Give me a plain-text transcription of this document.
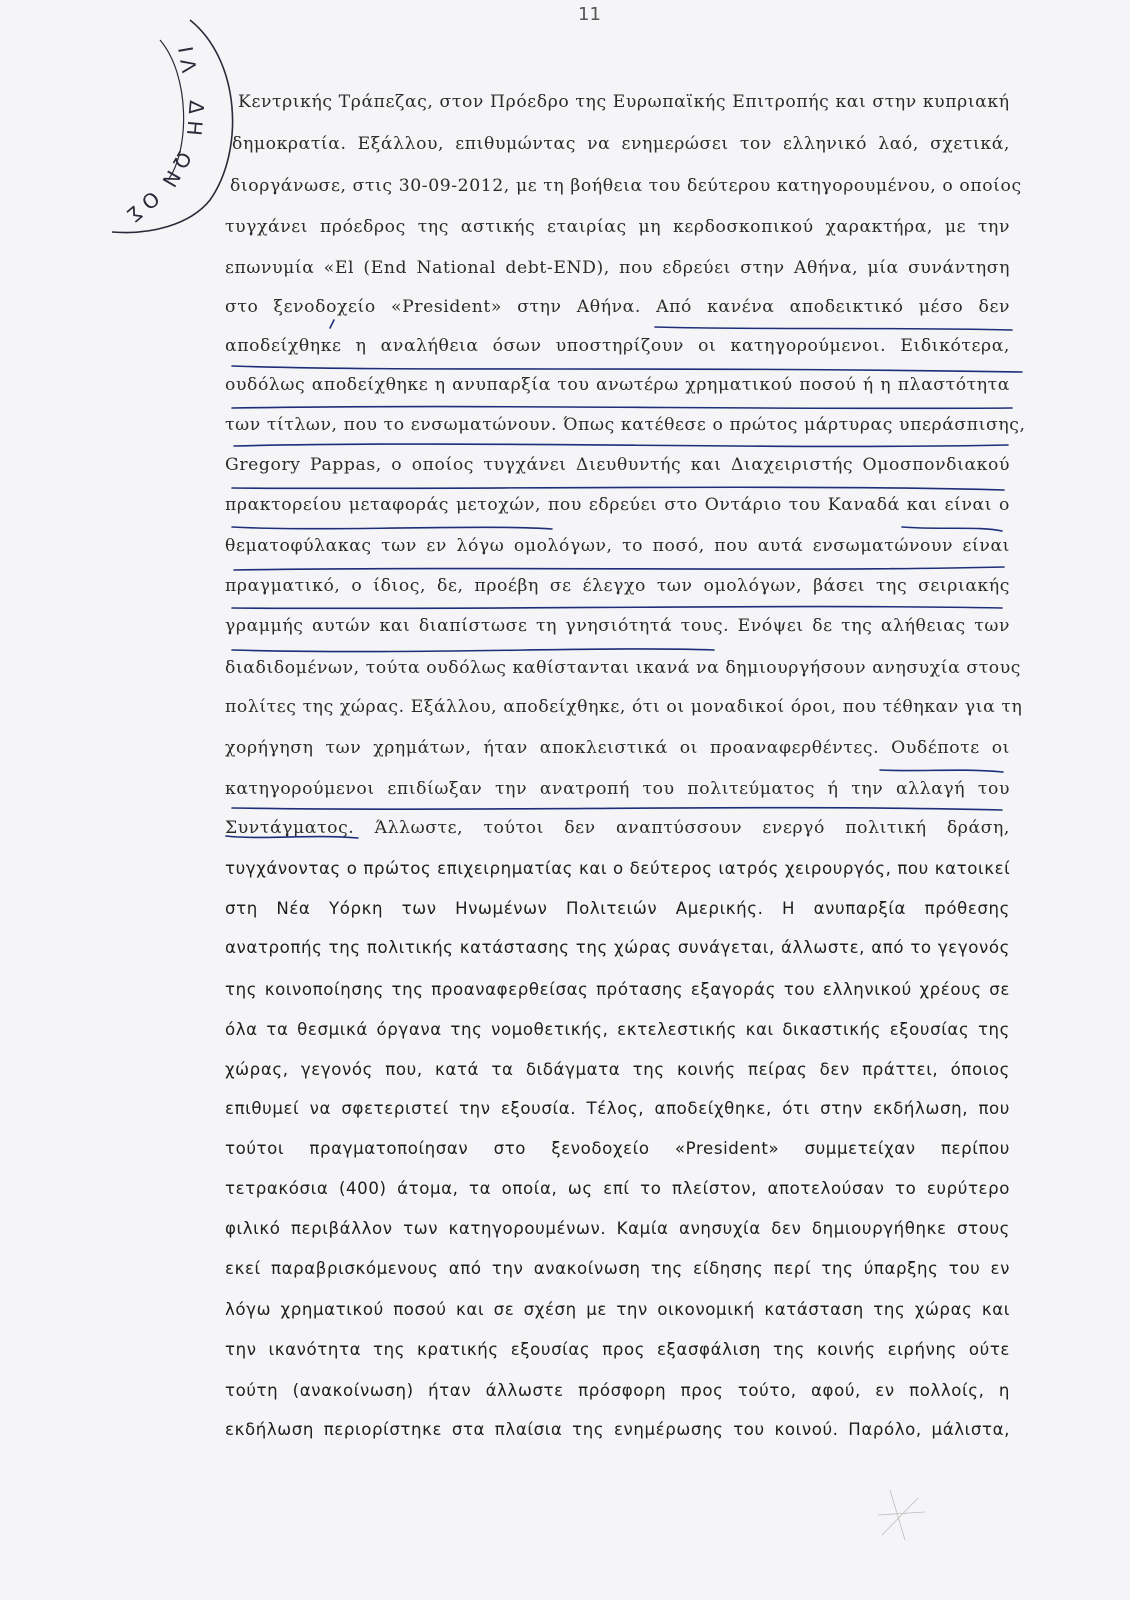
11
Ι Λ
Δ Η
Ω Ν
Ο Σ
Κεντρικής Τράπεζας, στον Πρόεδρο της Ευρωπαϊκής Επιτροπής και στην κυπριακή
δημοκρατία. Εξάλλου, επιθυμώντας να ενημερώσει τον ελληνικό λαό, σχετικά,
διοργάνωσε, στις 30-09-2012, με τη βοήθεια του δεύτερου κατηγορουμένου, ο οποίος
τυγχάνει πρόεδρος της αστικής εταιρίας μη κερδοσκοπικού χαρακτήρα, με την
επωνυμία «El (End National debt-END), που εδρεύει στην Αθήνα, μία συνάντηση
στο ξενοδοχείο «President» στην Αθήνα. Από κανένα αποδεικτικό μέσο δεν
αποδείχθηκε η αναλήθεια όσων υποστηρίζουν οι κατηγορούμενοι. Ειδικότερα,
ουδόλως αποδείχθηκε η ανυπαρξία του ανωτέρω χρηματικού ποσού ή η πλαστότητα
των τίτλων, που το ενσωματώνουν. Όπως κατέθεσε ο πρώτος μάρτυρας υπεράσπισης,
Gregory Pappas, ο οποίος τυγχάνει Διευθυντής και Διαχειριστής Ομοσπονδιακού
πρακτορείου μεταφοράς μετοχών, που εδρεύει στο Οντάριο του Καναδά και είναι ο
θεματοφύλακας των εν λόγω ομολόγων, το ποσό, που αυτά ενσωματώνουν είναι
πραγματικό, ο ίδιος, δε, προέβη σε έλεγχο των ομολόγων, βάσει της σειριακής
γραμμής αυτών και διαπίστωσε τη γνησιότητά τους. Ενόψει δε της αλήθειας των
διαδιδομένων, τούτα ουδόλως καθίστανται ικανά να δημιουργήσουν ανησυχία στους
πολίτες της χώρας. Εξάλλου, αποδείχθηκε, ότι οι μοναδικοί όροι, που τέθηκαν για τη
χορήγηση των χρημάτων, ήταν αποκλειστικά οι προαναφερθέντες. Ουδέποτε οι
κατηγορούμενοι επιδίωξαν την ανατροπή του πολιτεύματος ή την αλλαγή του
Συντάγματος. Άλλωστε, τούτοι δεν αναπτύσσουν ενεργό πολιτική δράση,
τυγχάνοντας ο πρώτος επιχειρηματίας και ο δεύτερος ιατρός χειρουργός, που κατοικεί
στη Νέα Υόρκη των Ηνωμένων Πολιτειών Αμερικής. Η ανυπαρξία πρόθεσης
ανατροπής της πολιτικής κατάστασης της χώρας συνάγεται, άλλωστε, από το γεγονός
της κοινοποίησης της προαναφερθείσας πρότασης εξαγοράς του ελληνικού χρέους σε
όλα τα θεσμικά όργανα της νομοθετικής, εκτελεστικής και δικαστικής εξουσίας της
χώρας, γεγονός που, κατά τα διδάγματα της κοινής πείρας δεν πράττει, όποιος
επιθυμεί να σφετεριστεί την εξουσία. Τέλος, αποδείχθηκε, ότι στην εκδήλωση, που
τούτοι πραγματοποίησαν στο ξενοδοχείο «President» συμμετείχαν περίπου
τετρακόσια (400) άτομα, τα οποία, ως επί το πλείστον, αποτελούσαν το ευρύτερο
φιλικό περιβάλλον των κατηγορουμένων. Καμία ανησυχία δεν δημιουργήθηκε στους
εκεί παραβρισκόμενους από την ανακοίνωση της είδησης περί της ύπαρξης του εν
λόγω χρηματικού ποσού και σε σχέση με την οικονομική κατάσταση της χώρας και
την ικανότητα της κρατικής εξουσίας προς εξασφάλιση της κοινής ειρήνης ούτε
τούτη (ανακοίνωση) ήταν άλλωστε πρόσφορη προς τούτο, αφού, εν πολλοίς, η
εκδήλωση περιορίστηκε στα πλαίσια της ενημέρωσης του κοινού. Παρόλο, μάλιστα,
